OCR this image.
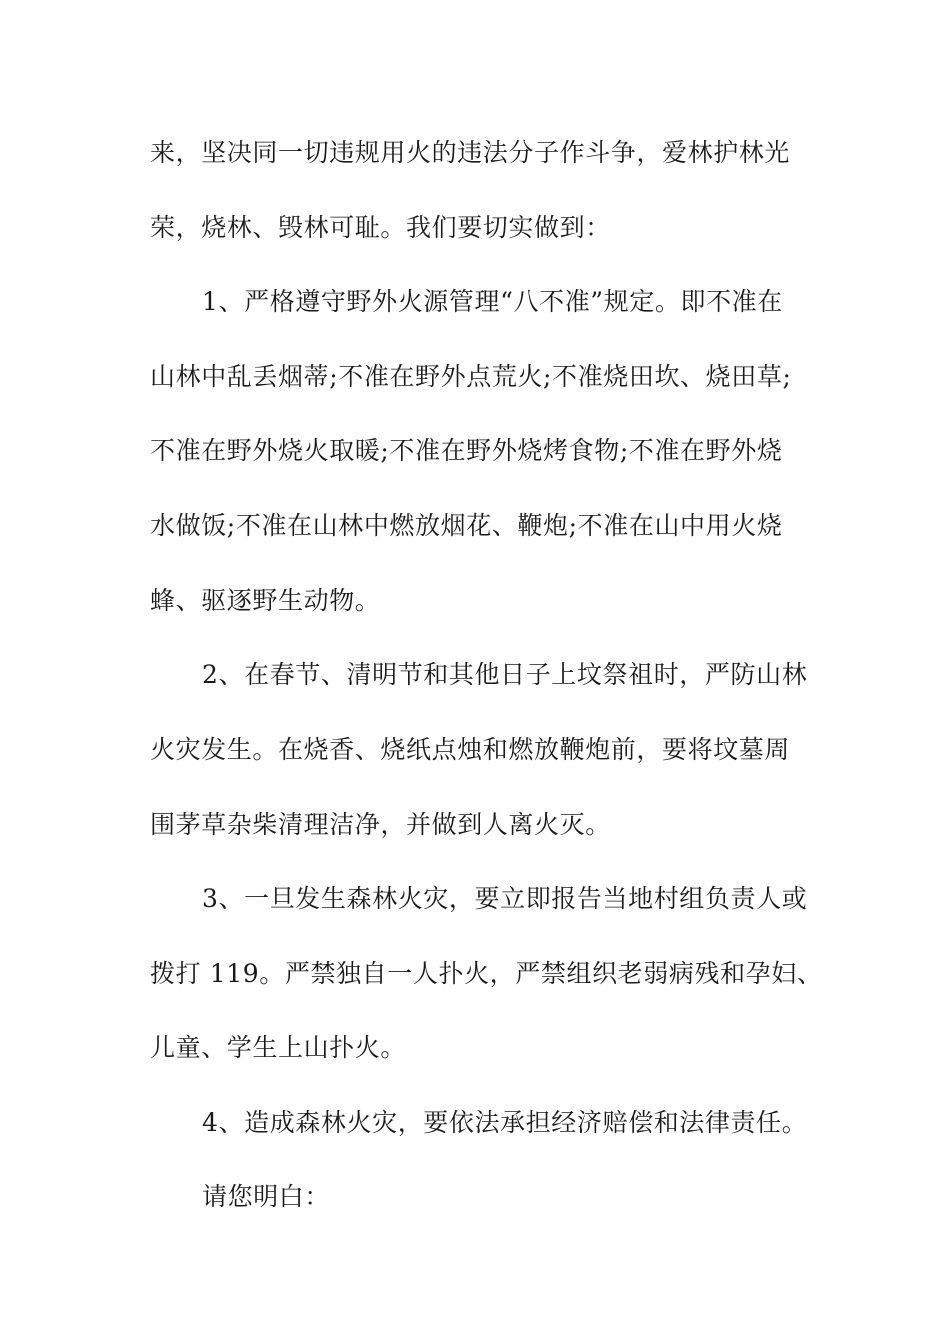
来，坚决同一切违规用火的违法分子作斗争，爱林护林光
荣，烧林、毁林可耻。我们要切实做到：
1、严格遵守野外火源管理“八不准”规定。即不准在
山林中乱丢烟蒂;不准在野外点荒火;不准烧田坎、烧田草;
不准在野外烧火取暖;不准在野外烧烤食物;不准在野外烧
水做饭;不准在山林中燃放烟花、鞭炮;不准在山中用火烧
蜂、驱逐野生动物。
2、在春节、清明节和其他日子上坟祭祖时，严防山林
火灾发生。在烧香、烧纸点烛和燃放鞭炮前，要将坟墓周
围茅草杂柴清理洁净，并做到人离火灭。
3、一旦发生森林火灾，要立即报告当地村组负责人或
拨打 119。严禁独自一人扑火，严禁组织老弱病残和孕妇、
儿童、学生上山扑火。
4、造成森林火灾，要依法承担经济赔偿和法律责任。
请您明白：
